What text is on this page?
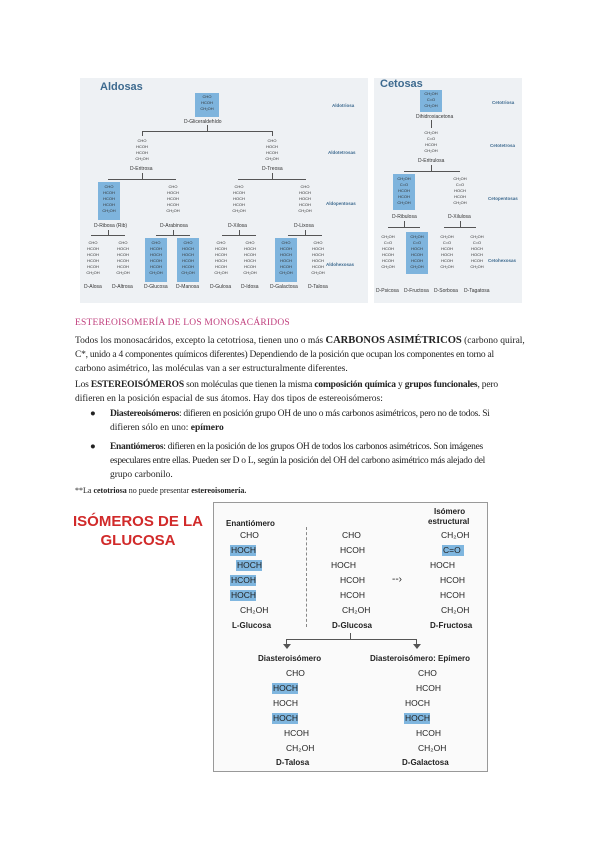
Aldosas
Aldotriosa
Aldotetrosas
Aldopentosas
Aldohexosas
CHO
HCOH
CH₂OH
D-Gliceraldehído
CHO
HCOH
HCOH
CH₂OH
D-Eritrosa
CHO
HOCH
HCOH
CH₂OH
D-Treosa
CHO
HCOH
HCOH
HCOH
CH₂OH
D-Ribosa (Rib)
CHO
HOCH
HCOH
HCOH
CH₂OH
D-Arabinosa
CHO
HCOH
HOCH
HCOH
CH₂OH
D-Xilosa
CHO
HOCH
HOCH
HCOH
CH₂OH
D-Lixosa
CHO
HCOH
HCOH
HCOH
HCOH
CH₂OH
D-Alosa
CHO
HOCH
HCOH
HCOH
HCOH
CH₂OH
D-Altrosa
CHO
HCOH
HOCH
HCOH
HCOH
CH₂OH
D-Glucosa
CHO
HOCH
HOCH
HCOH
HCOH
CH₂OH
D-Manosa
CHO
HCOH
HCOH
HOCH
HCOH
CH₂OH
D-Gulosa
CHO
HOCH
HCOH
HOCH
HCOH
CH₂OH
D-Idosa
CHO
HCOH
HOCH
HOCH
HCOH
CH₂OH
D-Galactosa
CHO
HOCH
HOCH
HOCH
HCOH
CH₂OH
D-Talosa
Cetosas
Cetotriosa
Cetotetrosa
Cetopentosas
Cetohexosas
CH₂OH
C=O
CH₂OH
Dihidroxiacetona
CH₂OH
C=O
HCOH
CH₂OH
D-Eritrulosa
CH₂OH
C=O
HCOH
HCOH
CH₂OH
D-Ribulosa
CH₂OH
C=O
HOCH
HCOH
CH₂OH
D-Xilulosa
CH₂OH
C=O
HCOH
HCOH
HCOH
CH₂OH
D-Psicosa
CH₂OH
C=O
HOCH
HCOH
HCOH
CH₂OH
D-Fructosa
CH₂OH
C=O
HCOH
HOCH
HCOH
CH₂OH
D-Sorbosa
CH₂OH
C=O
HOCH
HOCH
HCOH
CH₂OH
D-Tagatosa
ESTEREOISOMERÍA DE LOS MONOSACÁRIDOS
Todos los monosacáridos, excepto la cetotriosa, tienen uno o más CARBONOS ASIMÉTRICOS (carbono quiral,
C*, unido a 4 componentes químicos diferentes) Dependiendo de la posición que ocupan los componentes en torno al
carbono asimétrico, las moléculas van a ser estructuralmente diferentes.
Los ESTEREOISÓMEROS son moléculas que tienen la misma composición química y grupos funcionales, pero
difieren en la posición espacial de sus átomos. Hay dos tipos de estereoisómeros:
● Diastereoisómeros: difieren en posición grupo OH de uno o más carbonos asimétricos, pero no de todos. Si
difieren sólo en uno: epímero
● Enantiómeros: difieren en la posición de los grupos OH de todos los carbonos asimétricos. Son imágenes
especulares entre ellas. Pueden ser D o L, según la posición del OH del carbono asimétrico más alejado del
grupo carbonilo.
**La cetotriosa no puede presentar estereoisomería.
ISÓMEROS DE LA
GLUCOSA
Enantiómero
Isómero
estructural
CHO
HOCH
HOCH
HCOH
HOCH
CH₂OH
L-Glucosa
CHO
HCOH
HOCH
HCOH
HCOH
CH₂OH
D-Glucosa
--›
CH₂OH
C=O
HOCH
HCOH
HCOH
CH₂OH
D-Fructosa
Diasteroisómero	Diasteroisómero: Epímero
CHO
HOCH
HOCH
HOCH
HCOH
CH₂OH
D-Talosa
CHO
HCOH
HOCH
HOCH
HCOH
CH₂OH
D-Galactosa
